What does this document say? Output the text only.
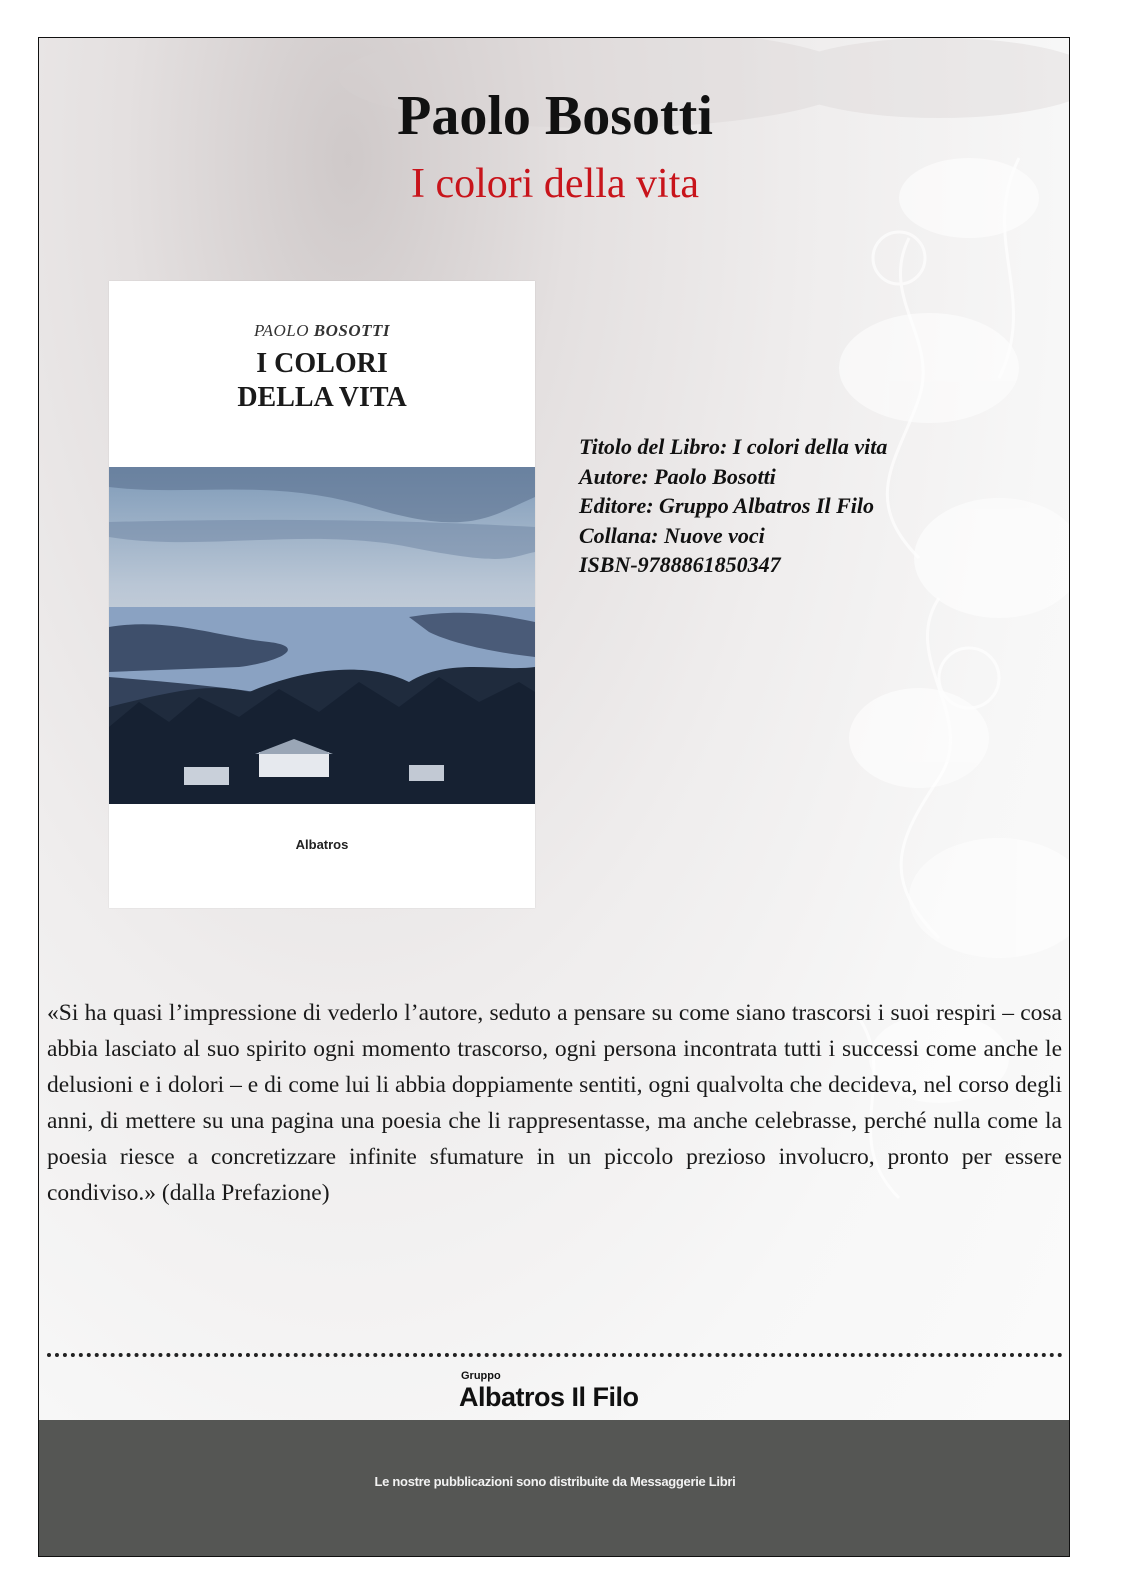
Paolo Bosotti
I colori della vita
PAOLO BOSOTTI
I COLORI
DELLA VITA
Albatros
Titolo del Libro: I colori della vita
Autore: Paolo Bosotti
Editore: Gruppo Albatros Il Filo
Collana: Nuove voci
ISBN-9788861850347
«Si ha quasi l’impressione di vederlo l’autore, seduto a pensare su come siano trascorsi i suoi respiri – cosa abbia lasciato al suo spirito ogni momento trascorso, ogni persona incontrata tutti i successi come anche le delusioni e i dolori – e di come lui li abbia doppiamente sentiti, ogni qualvolta che decideva, nel corso degli anni, di mettere su una pagina una poesia che li rappresentasse, ma anche celebrasse, perché nulla come la poesia riesce a concretizzare infinite sfumature in un piccolo prezioso involucro, pronto per essere condiviso.» (dalla Prefazione)
Gruppo
Albatros Il Filo
Le nostre pubblicazioni sono distribuite da Messaggerie Libri
